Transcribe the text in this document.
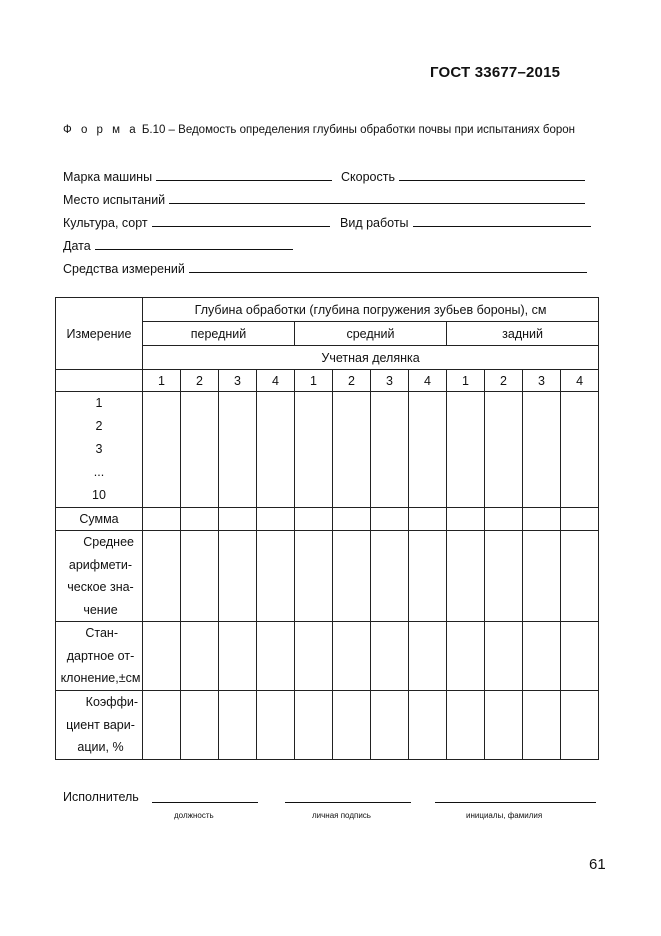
ГОСТ 33677–2015
Ф о р м а Б.10 – Ведомость определения глубины обработки почвы при испытаниях борон
Марка машины	Скорость
Место испытаний
Культура, сорт	Вид работы
Дата
Средства измерений
Измерение	Глубина обработки (глубина погружения зубьев бороны), см											
	передний				средний				задний			
	Учетная делянка											
	1	2	3	4	1	2	3	4	1	2	3	4

1
2
3
...
10												

Сумма												

Среднее
арифмети-
ческое зна-
чение												

Стан-
дартное от-
клонение,±см												

Коэффи-
циент вари-
ации, %												

Исполнитель
должность	личная подпись	инициалы, фамилия
61
